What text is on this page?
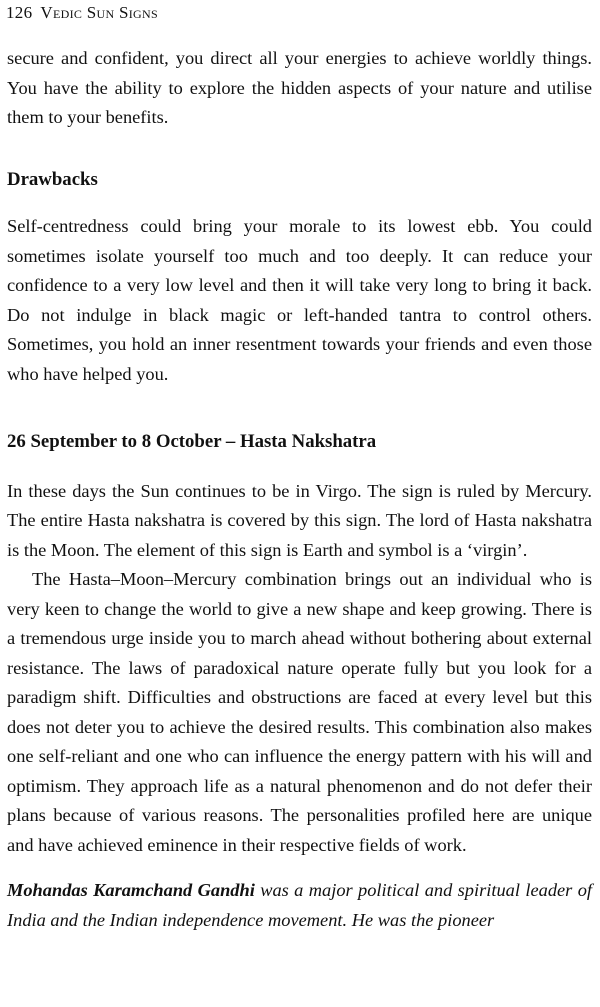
126 Vedic Sun Signs

secure and confident, you direct all your energies to achieve worldly things. You have the ability to explore the hidden aspects of your nature and utilise them to your benefits.

Drawbacks

Self-centredness could bring your morale to its lowest ebb. You could sometimes isolate yourself too much and too deeply. It can reduce your confidence to a very low level and then it will take very long to bring it back. Do not indulge in black magic or left-handed tantra to control others. Sometimes, you hold an inner resentment towards your friends and even those who have helped you.

26 September to 8 October – Hasta Nakshatra

In these days the Sun continues to be in Virgo. The sign is ruled by Mercury. The entire Hasta nakshatra is covered by this sign. The lord of Hasta nakshatra is the Moon. The element of this sign is Earth and symbol is a ‘virgin’.

The Hasta–Moon–Mercury combination brings out an individual who is very keen to change the world to give a new shape and keep growing. There is a tremendous urge inside you to march ahead without bothering about external resistance. The laws of paradoxical nature operate fully but you look for a paradigm shift. Difficulties and obstructions are faced at every level but this does not deter you to achieve the desired results. This combination also makes one self-reliant and one who can influence the energy pattern with his will and optimism. They approach life as a natural phenomenon and do not defer their plans because of various reasons. The personalities profiled here are unique and have achieved eminence in their respective fields of work.

Mohandas Karamchand Gandhi was a major political and spiritual leader of India and the Indian independence movement. He was the pioneer
